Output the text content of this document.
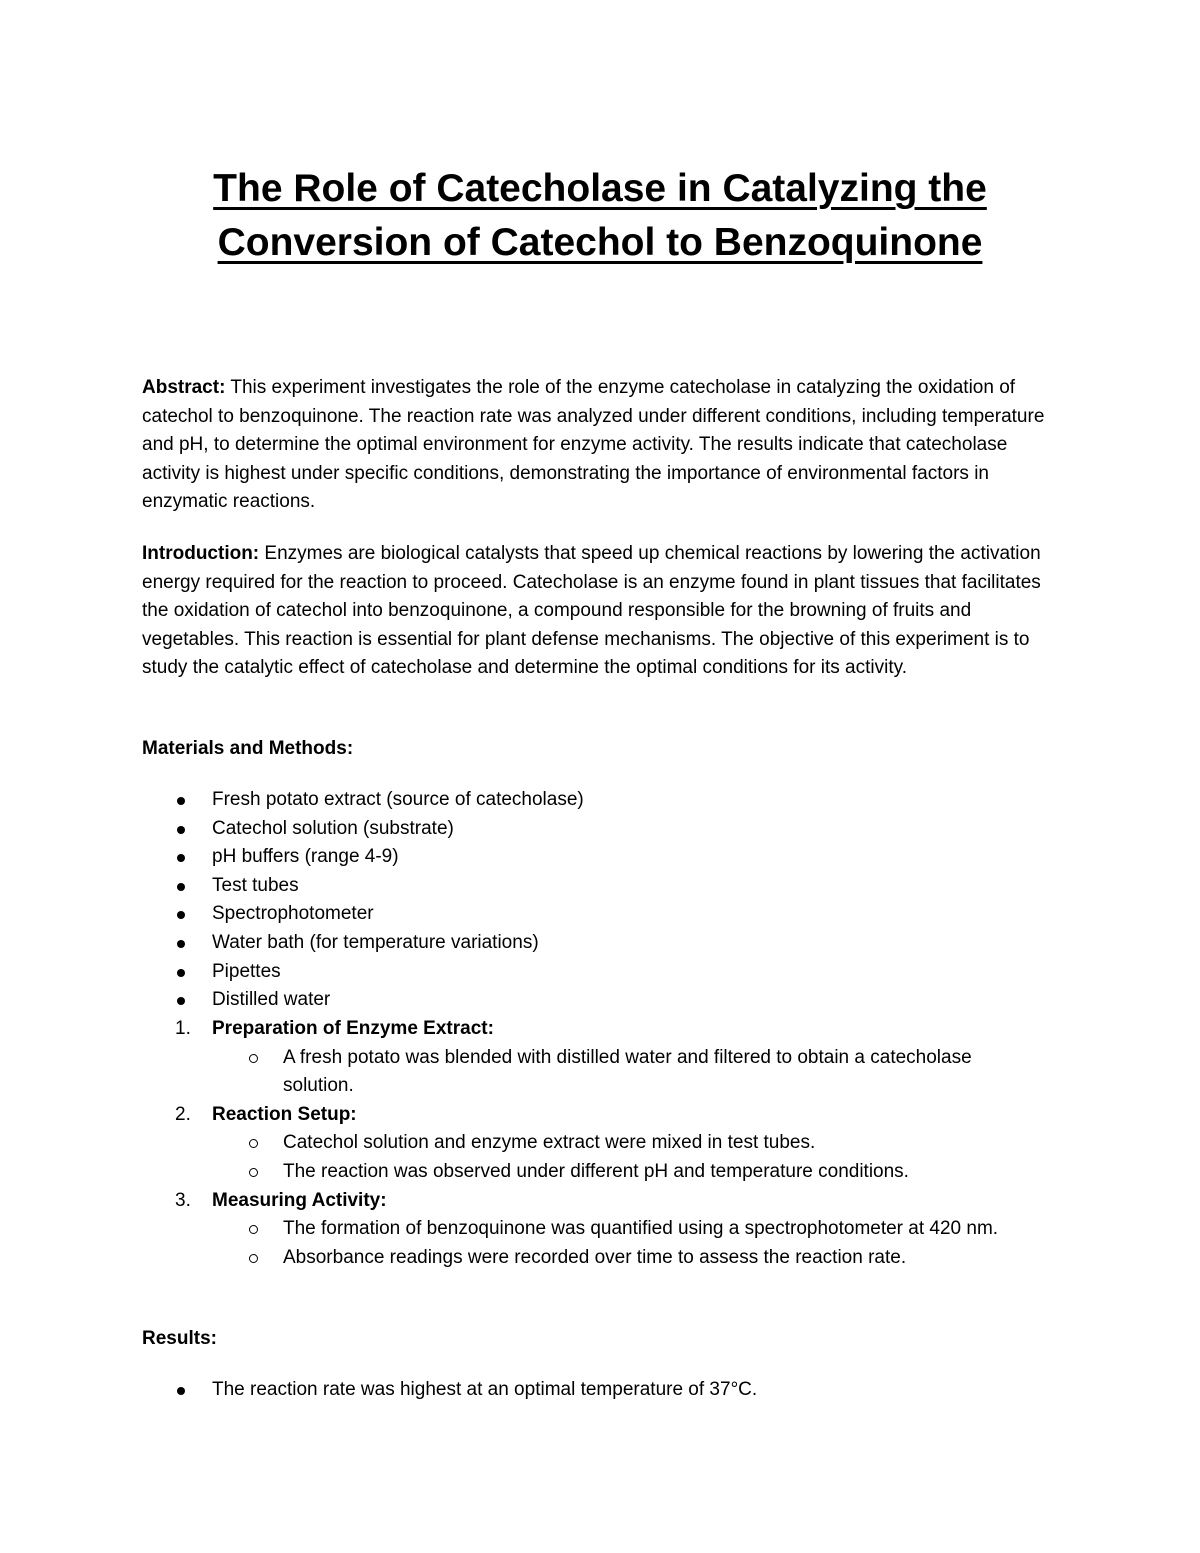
The Role of Catecholase in Catalyzing the
Conversion of Catechol to Benzoquinone

Abstract: This experiment investigates the role of the enzyme catecholase in catalyzing the oxidation of catechol to benzoquinone. The reaction rate was analyzed under different conditions, including temperature and pH, to determine the optimal environment for enzyme activity. The results indicate that catecholase activity is highest under specific conditions, demonstrating the importance of environmental factors in enzymatic reactions.

Introduction: Enzymes are biological catalysts that speed up chemical reactions by lowering the activation energy required for the reaction to proceed. Catecholase is an enzyme found in plant tissues that facilitates the oxidation of catechol into benzoquinone, a compound responsible for the browning of fruits and vegetables. This reaction is essential for plant defense mechanisms. The objective of this experiment is to study the catalytic effect of catecholase and determine the optimal conditions for its activity.

Materials and Methods:

Fresh potato extract (source of catecholase)
Catechol solution (substrate)
pH buffers (range 4-9)
Test tubes
Spectrophotometer
Water bath (for temperature variations)
Pipettes
Distilled water
1. Preparation of Enzyme Extract:
A fresh potato was blended with distilled water and filtered to obtain a catecholase solution.
2. Reaction Setup:
Catechol solution and enzyme extract were mixed in test tubes.
The reaction was observed under different pH and temperature conditions.
3. Measuring Activity:
The formation of benzoquinone was quantified using a spectrophotometer at 420 nm.
Absorbance readings were recorded over time to assess the reaction rate.

Results:

The reaction rate was highest at an optimal temperature of 37°C.
